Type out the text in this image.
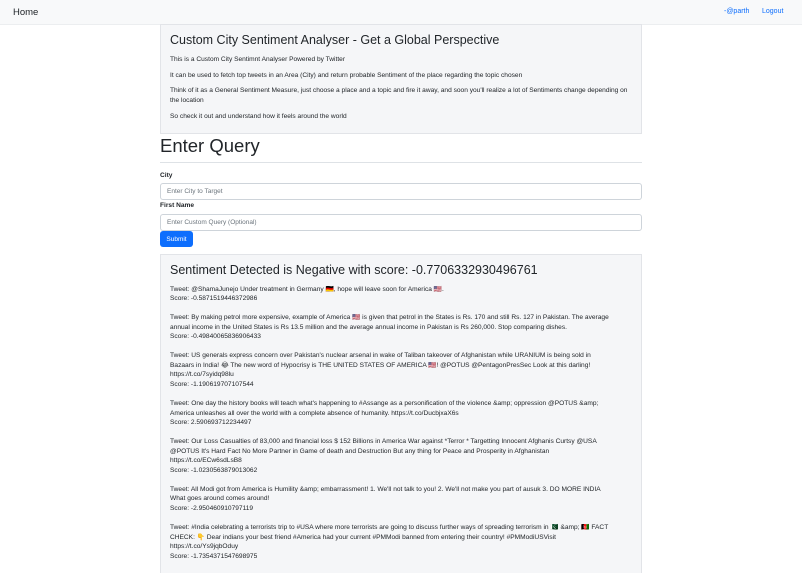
Home	-@parth Logout
Custom City Sentiment Analyser - Get a Global Perspective

This is a Custom City Sentimnt Analyser Powered by Twitter

It can be used to fetch top tweets in an Area (City) and return probable Sentiment of the place regarding the topic chosen

Think of it as a General Sentiment Measure, just choose a place and a topic and fire it away, and soon you'll realize a lot of Sentiments change depending on the location

So check it out and understand how it feels around the world

Enter Query
City
Enter City to Target
First Name
Enter Custom Query (Optional)
Submit
Sentiment Detected is Negative with score: -0.7706332930496761
Tweet: @ShamaJunejo Under treatment in Germany 🇩🇪, hope will leave soon for America 🇺🇸.
Score: -0.5871519446372986
Tweet: By making petrol more expensive, example of America 🇺🇸 is given that petrol in the States is Rs. 170 and still Rs. 127 in Pakistan. The average
annual income in the United States is Rs 13.5 million and the average annual income in Pakistan is Rs 260,000. Stop comparing dishes.
Score: -0.49840065836906433
Tweet: US generals express concern over Pakistan's nuclear arsenal in wake of Taliban takeover of Afghanistan while URANIUM is being sold in
Bazaars in India! 😂 The new word of Hypocrisy is THE UNITED STATES OF AMERICA 🇺🇸! @POTUS @PentagonPresSec Look at this darling!
https://t.co/7syidq98lu
Score: -1.190619707107544
Tweet: One day the history books will teach what's happening to #Assange as a personification of the violence &amp; oppression @POTUS &amp;
America unleashes all over the world with a complete absence of humanity. https://t.co/DucbjxaX6s
Score: 2.590693712234497
Tweet: Our Loss Casualties of 83,000 and financial loss $ 152 Billions in America War against *Terror * Targetting Innocent Afghanis Curtsy @USA
@POTUS It's Hard Fact No More Partner in Game of death and Destruction But any thing for Peace and Prosperity in Afghanistan
https://t.co/ECw6sdLsB8
Score: -1.0230563879013062
Tweet: All Modi got from America is Humility &amp; embarrassment! 1. We'll not talk to you! 2. We'll not make you part of ausuk 3. DO MORE INDIA
What goes around comes around!
Score: -2.950460910797119
Tweet: #India celebrating a terrorists trip to #USA where more terrorists are going to discuss further ways of spreading terrorism in 🇵🇰 &amp; 🇦🇫 FACT
CHECK: 👇 Dear indians your best friend #America had your current #PMModi banned from entering their country! #PMModiUSVisit
https://t.co/Ys9jqbOduy
Score: -1.7354371547698975
